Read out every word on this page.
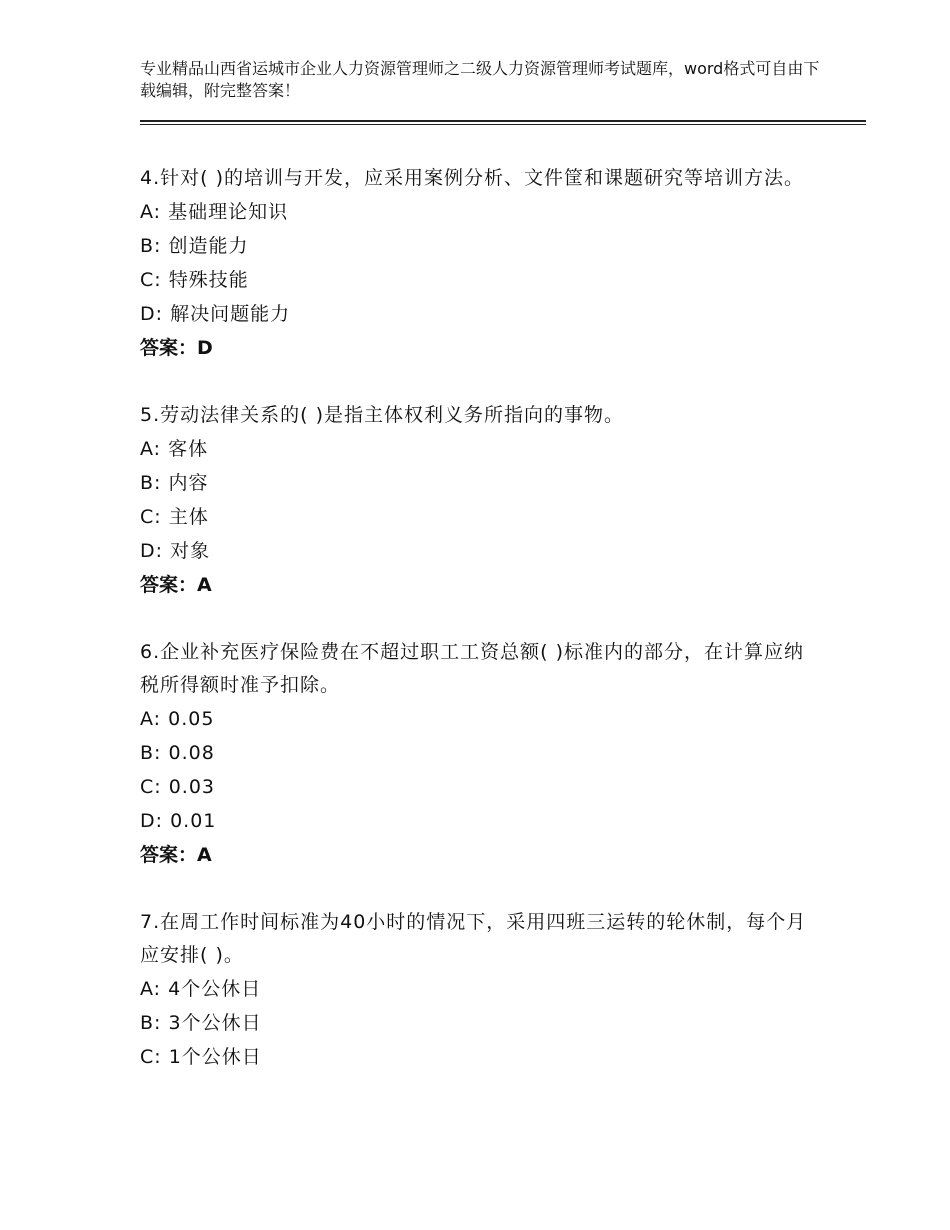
专业精品山西省运城市企业人力资源管理师之二级人力资源管理师考试题库，word格式可自由下载编辑，附完整答案！
4.针对( )的培训与开发，应采用案例分析、文件筐和课题研究等培训方法。
A: 基础理论知识
B: 创造能力
C: 特殊技能
D: 解决问题能力
答案：D
5.劳动法律关系的( )是指主体权利义务所指向的事物。
A: 客体
B: 内容
C: 主体
D: 对象
答案：A
6.企业补充医疗保险费在不超过职工工资总额( )标准内的部分，在计算应纳税所得额时准予扣除。
A: 0.05
B: 0.08
C: 0.03
D: 0.01
答案：A
7.在周工作时间标准为40小时的情况下，采用四班三运转的轮休制，每个月应安排( )。
A: 4个公休日
B: 3个公休日
C: 1个公休日
